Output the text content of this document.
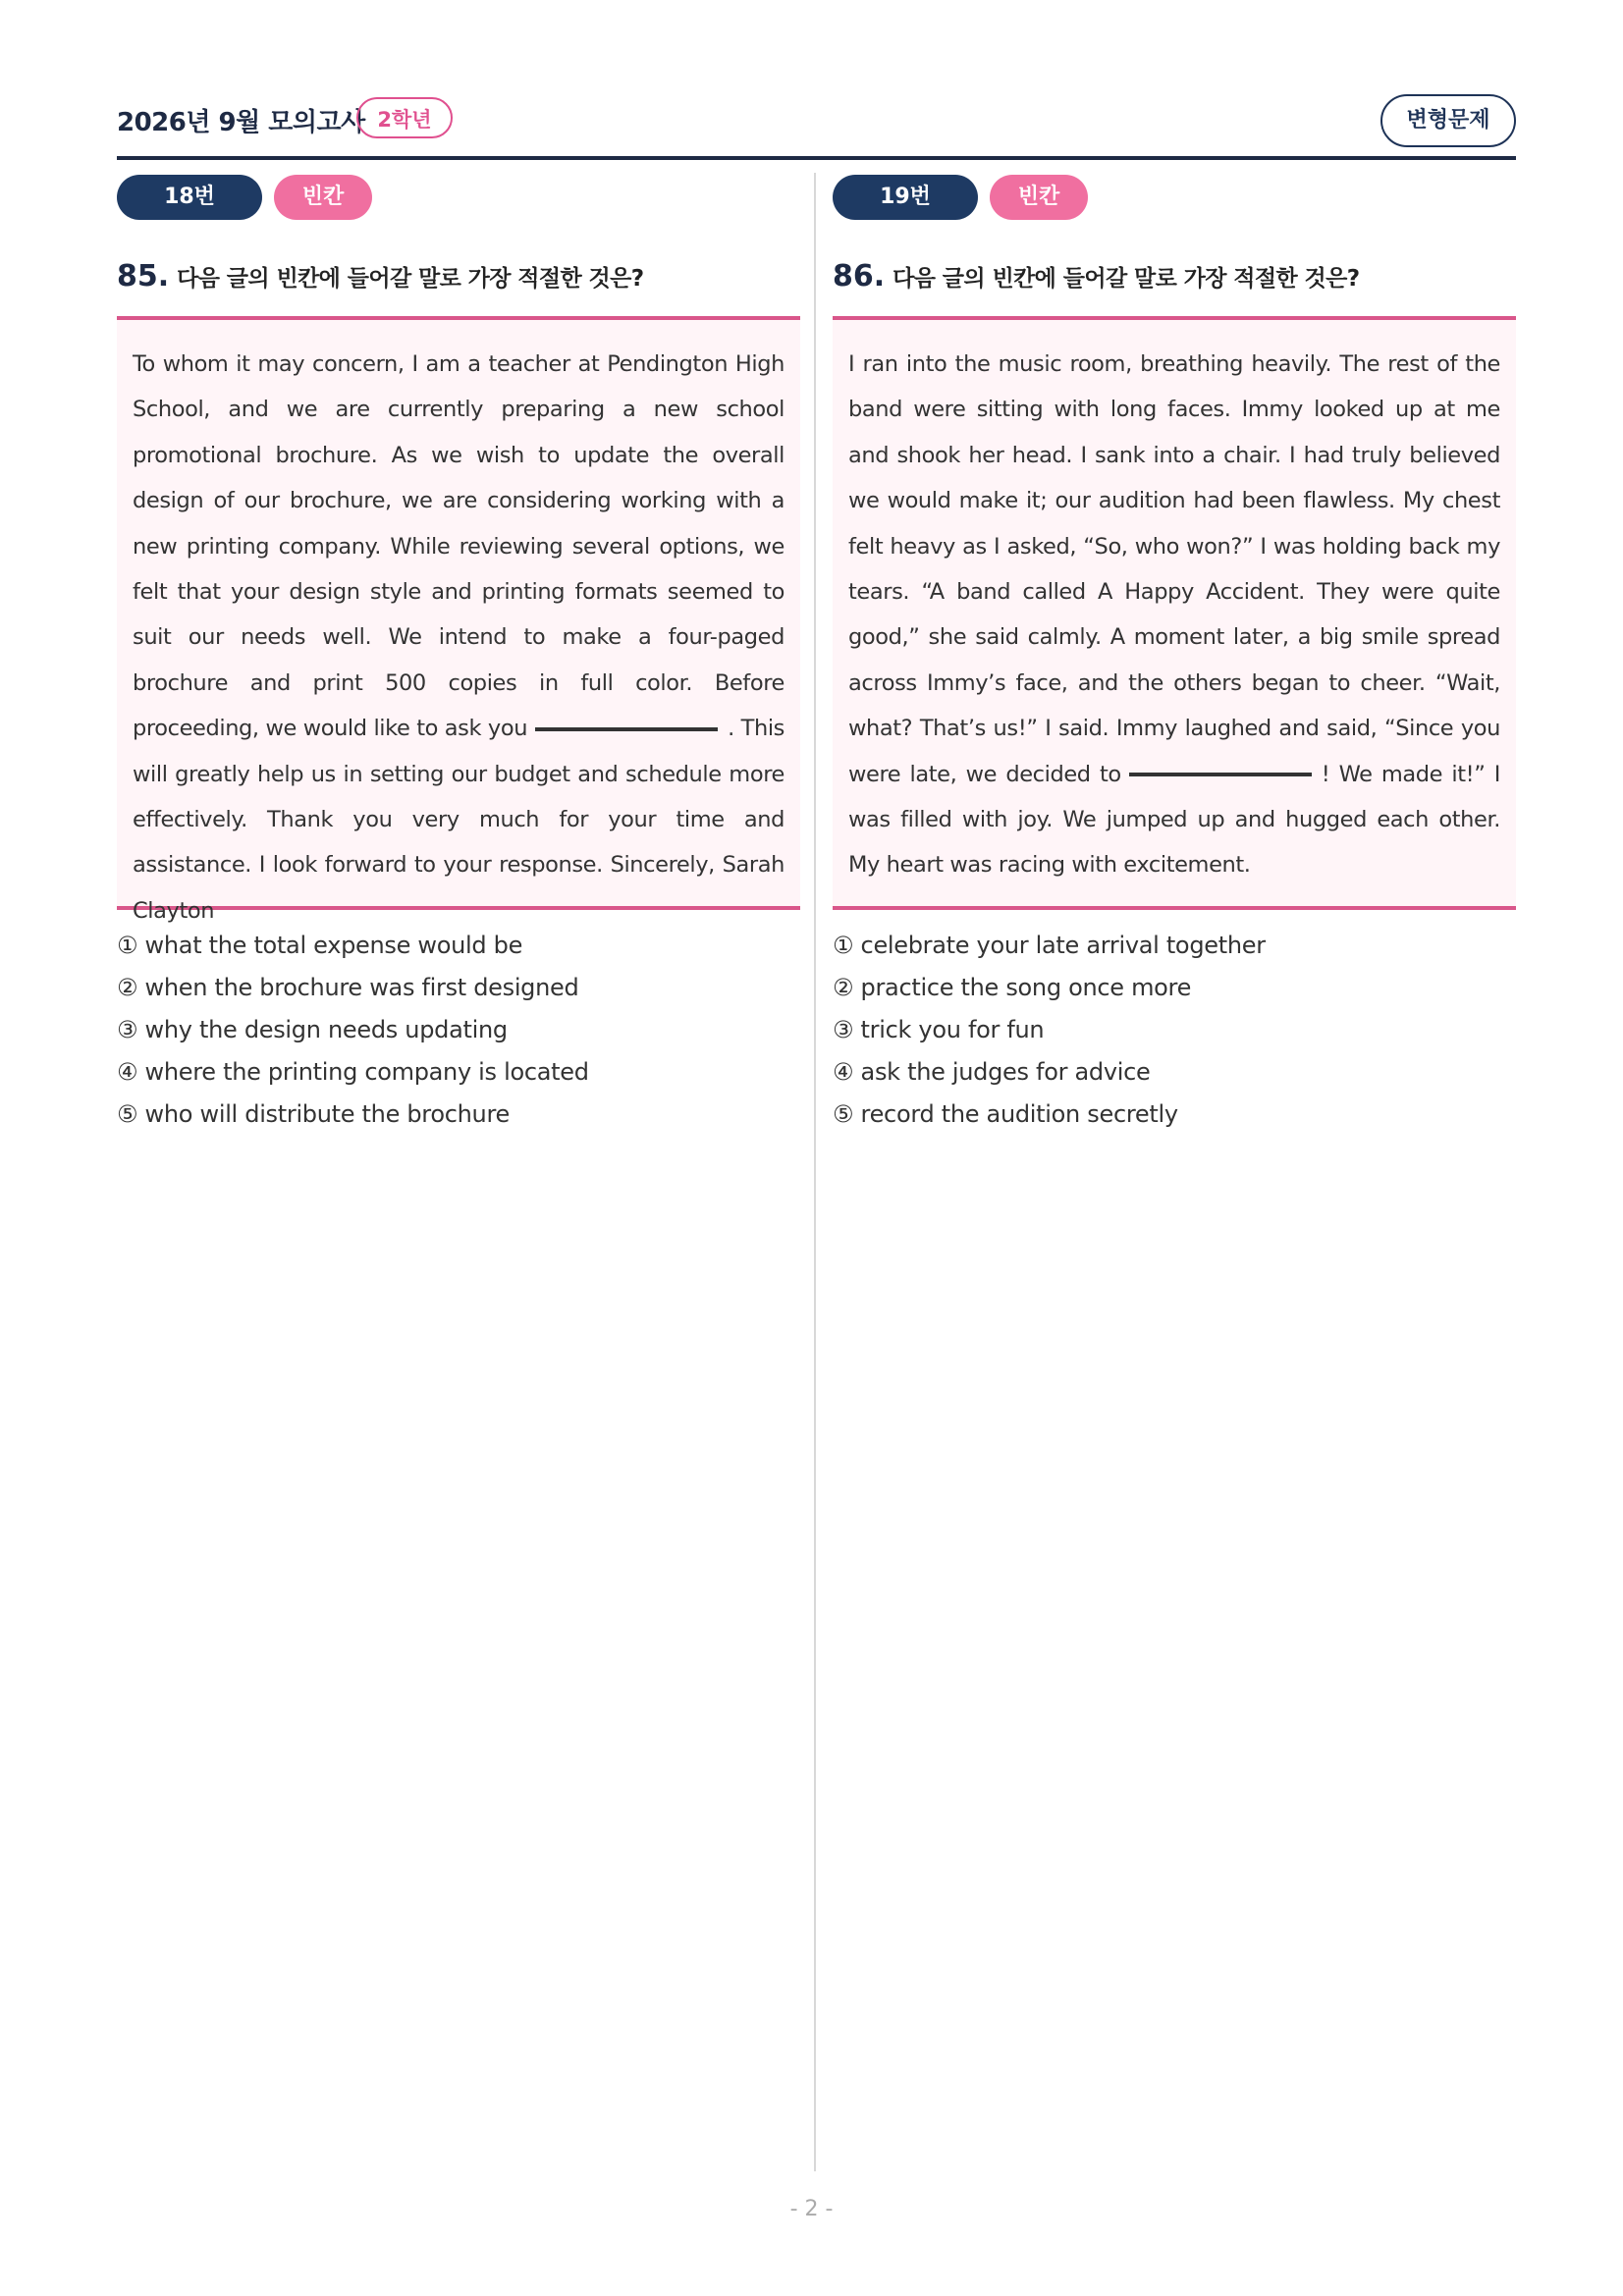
2026년 9월 모의고사 2학년	변형문제
18번	빈칸
85. 다음 글의 빈칸에 들어갈 말로 가장 적절한 것은?

To whom it may concern, I am a teacher at Pendington High School, and we are currently preparing a new school promotional brochure. As we wish to update the overall design of our brochure, we are considering working with a new printing company. While reviewing several options, we felt that your design style and printing formats seemed to suit our needs well. We intend to make a four-paged brochure and print 500 copies in full color. Before proceeding, we would like to ask you	. This will greatly help us in setting our budget and schedule more effectively. Thank you very much for your time and assistance. I look forward to your response. Sincerely, Sarah Clayton

① what the total expense would be
② when the brochure was first designed
③ why the design needs updating
④ where the printing company is located
⑤ who will distribute the brochure
19번	빈칸
86. 다음 글의 빈칸에 들어갈 말로 가장 적절한 것은?

I ran into the music room, breathing heavily. The rest of the band were sitting with long faces. Immy looked up at me and shook her head. I sank into a chair. I had truly believed we would make it; our audition had been flawless. My chest felt heavy as I asked, “So, who won?” I was holding back my tears. “A band called A Happy Accident. They were quite good,” she said calmly. A moment later, a big smile spread across Immy’s face, and the others began to cheer. “Wait, what? That’s us!” I said. Immy laughed and said, “Since you were late, we decided to	! We made it!” I was filled with joy. We jumped up and hugged each other. My heart was racing with excitement.

① celebrate your late arrival together
② practice the song once more
③ trick you for fun
④ ask the judges for advice
⑤ record the audition secretly
- 2 -
